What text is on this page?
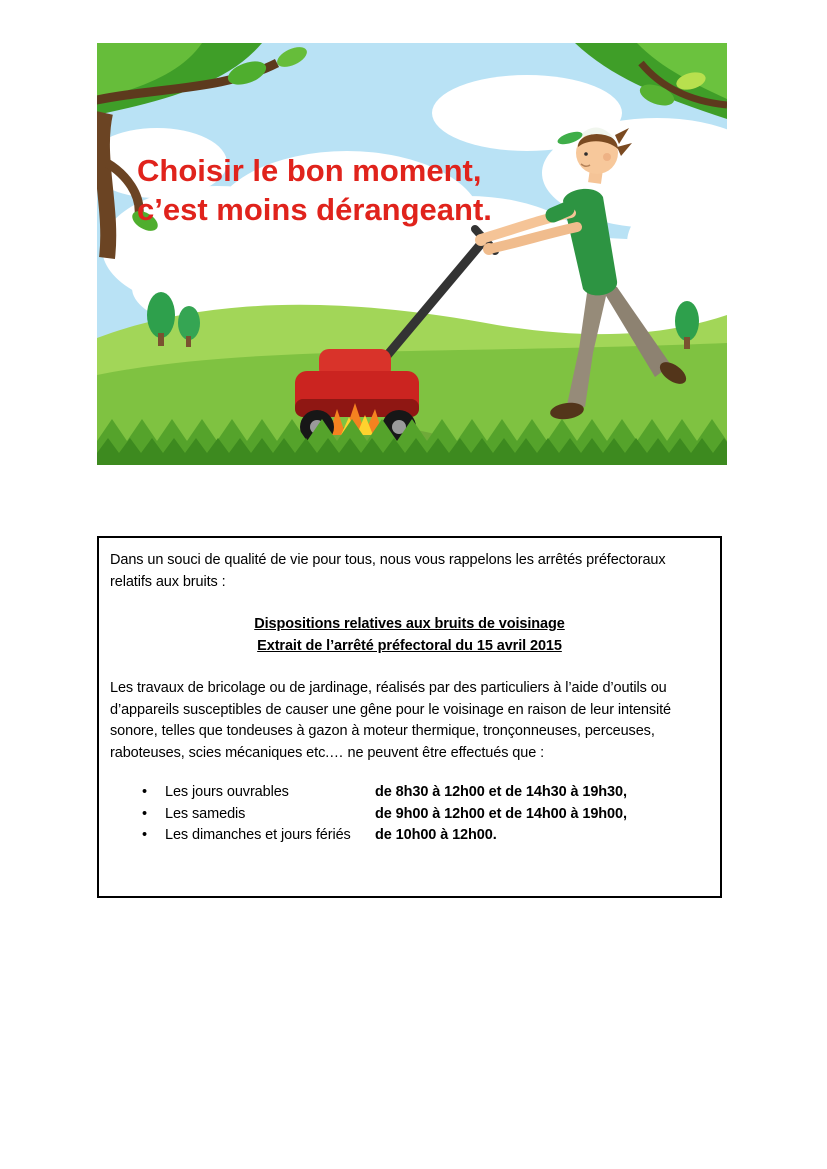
Choisir le bon moment,
c’est moins dérangeant.

Dans un souci de qualité de vie pour tous, nous vous rappelons les arrêtés préfectoraux relatifs aux bruits :

Dispositions relatives aux bruits de voisinage
Extrait de l’arrêté préfectoral du 15 avril 2015

Les travaux de bricolage ou de jardinage, réalisés par des particuliers à l’aide d’outils ou d’appareils susceptibles de causer une gêne pour le voisinage en raison de leur intensité sonore, telles que tondeuses à gazon à moteur thermique, tronçonneuses, perceuses, raboteuses, scies mécaniques etc.… ne peuvent être effectués que :

•	Les jours ouvrables	de 8h30 à 12h00 et de 14h30 à 19h30,
•	Les samedis	de 9h00 à 12h00 et de 14h00 à 19h00,
•	Les dimanches et jours fériés	de 10h00 à 12h00.
